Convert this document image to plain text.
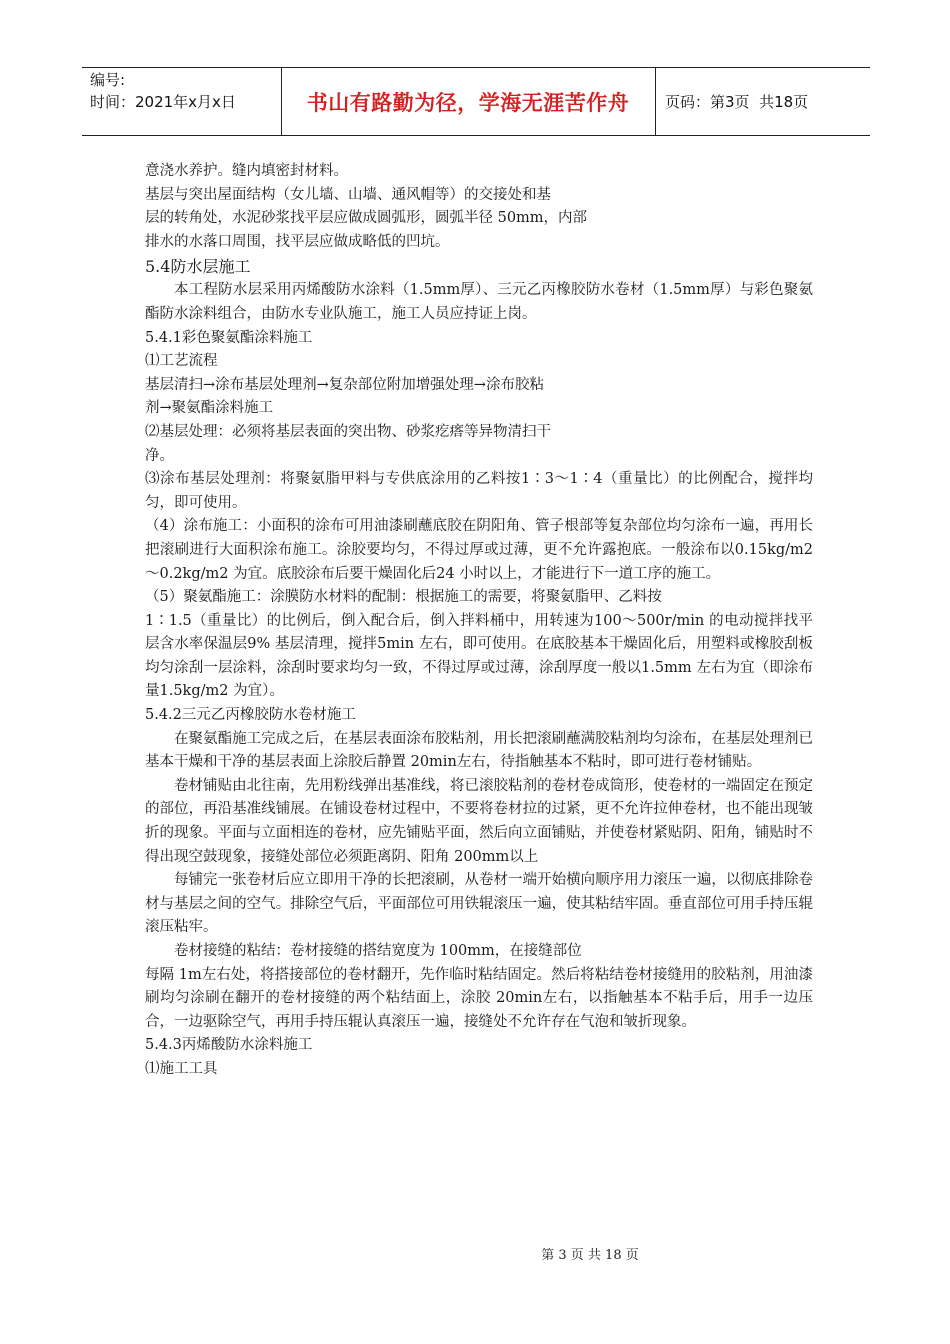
编号:
时间：2021年x月x日	书山有路勤为径，学海无涯苦作舟	页码：第3页  共18页

意浇水养护。缝内填密封材料。

基层与突出屋面结构（女儿墙、山墙、通风帽等）的交接处和基

层的转角处，水泥砂浆找平层应做成圆弧形，圆弧半径 50mm，内部

排水的水落口周围，找平层应做成略低的凹坑。

5.4防水层施工

本工程防水层采用丙烯酸防水涂料（1.5mm厚）、三元乙丙橡胶防水卷材（1.5mm厚）与彩色聚氨酯防水涂料组合，由防水专业队施工，施工人员应持证上岗。

5.4.1彩色聚氨酯涂料施工

⑴工艺流程

基层清扫→涂布基层处理剂→复杂部位附加增强处理→涂布胶粘

剂→聚氨酯涂料施工

⑵基层处理：必须将基层表面的突出物、砂浆疙瘩等异物清扫干

净。

⑶涂布基层处理剂：将聚氨脂甲料与专供底涂用的乙料按1∶3～1∶4（重量比）的比例配合，搅拌均匀，即可使用。

（4）涂布施工：小面积的涂布可用油漆刷蘸底胶在阴阳角、管子根部等复杂部位均匀涂布一遍，再用长把滚刷进行大面积涂布施工。涂胶要均匀，不得过厚或过薄，更不允许露抱底。一般涂布以0.15kg/m2～0.2kg/m2 为宜。底胶涂布后要干燥固化后24 小时以上，才能进行下一道工序的施工。

（5）聚氨酯施工：涂膜防水材料的配制：根据施工的需要，将聚氨脂甲、乙料按

1∶1.5（重量比）的比例后，倒入配合后，倒入拌料桶中，用转速为100～500r/min 的电动搅拌找平层含水率保温层9% 基层清理，搅拌5min 左右，即可使用。在底胶基本干燥固化后，用塑料或橡胶刮板均匀涂刮一层涂料，涂刮时要求均匀一致，不得过厚或过薄，涂刮厚度一般以1.5mm 左右为宜（即涂布量1.5kg/m2 为宜）。

5.4.2三元乙丙橡胶防水卷材施工

在聚氨酯施工完成之后，在基层表面涂布胶粘剂，用长把滚刷蘸满胶粘剂均匀涂布，在基层处理剂已基本干燥和干净的基层表面上涂胶后静置 20min左右，待指触基本不粘时，即可进行卷材铺贴。

卷材铺贴由北往南，先用粉线弹出基准线，将已滚胶粘剂的卷材卷成筒形，使卷材的一端固定在预定的部位，再沿基准线铺展。在铺设卷材过程中，不要将卷材拉的过紧，更不允许拉伸卷材，也不能出现皱折的现象。平面与立面相连的卷材，应先铺贴平面，然后向立面铺贴，并使卷材紧贴阴、阳角，铺贴时不得出现空鼓现象，接缝处部位必须距离阴、阳角 200mm以上

每铺完一张卷材后应立即用干净的长把滚刷，从卷材一端开始横向顺序用力滚压一遍，以彻底排除卷材与基层之间的空气。排除空气后，平面部位可用铁辊滚压一遍，使其粘结牢固。垂直部位可用手持压辊滚压粘牢。

卷材接缝的粘结：卷材接缝的搭结宽度为 100mm，在接缝部位

每隔 1m左右处，将搭接部位的卷材翻开，先作临时粘结固定。然后将粘结卷材接缝用的胶粘剂，用油漆刷均匀涂刷在翻开的卷材接缝的两个粘结面上，涂胶 20min左右，以指触基本不粘手后，用手一边压合，一边驱除空气，再用手持压辊认真滚压一遍，接缝处不允许存在气泡和皱折现象。

5.4.3丙烯酸防水涂料施工

⑴施工工具

第 3 页 共 18 页
